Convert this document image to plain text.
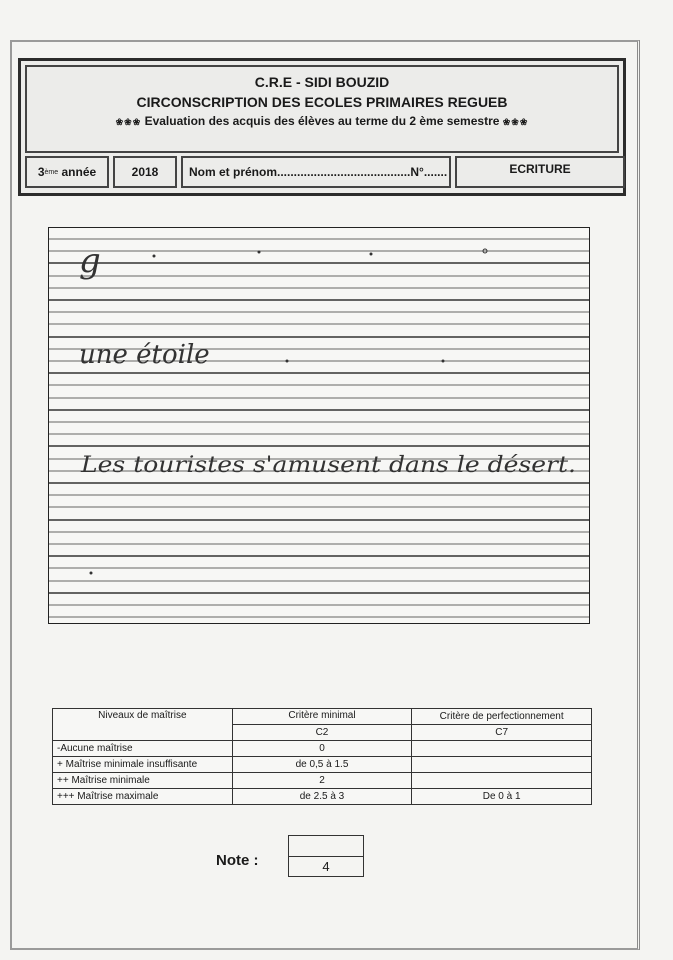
C.R.E - SIDI BOUZID
CIRCONSCRIPTION DES ECOLES PRIMAIRES REGUEB
❀❀❀ Evaluation des acquis des élèves au terme du 2 ème semestre ❀❀❀
3 ème
année	2018	Nom et prénom........................................N°.......	ECRITURE
g
une étoile
Les touristes s'amusent dans le désert.
Niveaux de maîtrise	Critère minimal	Critère de perfectionnement
	C2	C7
-Aucune maîtrise	0	
+ Maîtrise minimale insuffisante	de 0,5 à 1.5	
++ Maîtrise minimale	2	
+++ Maîtrise maximale	de 2.5 à 3	De 0 à 1
Note :	4
